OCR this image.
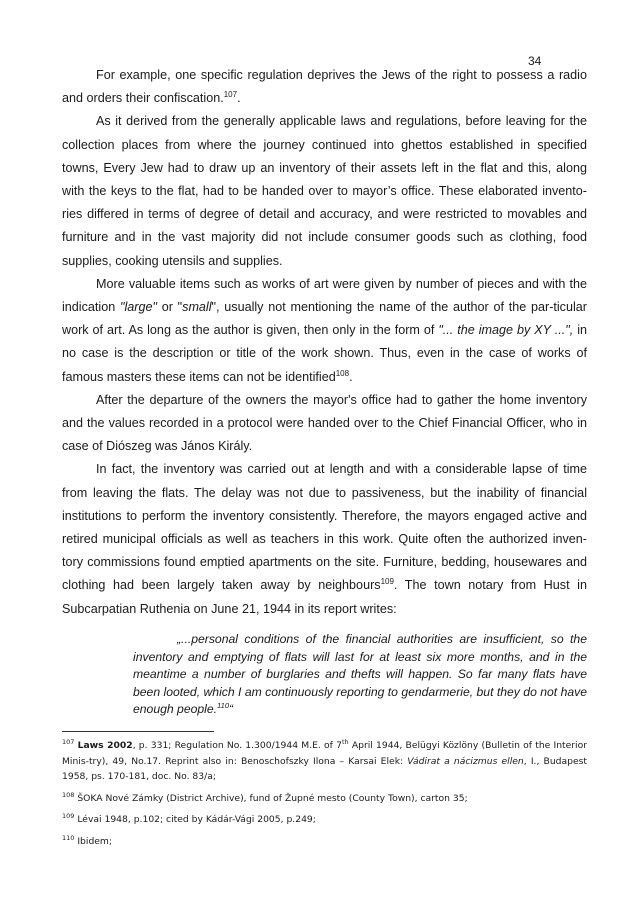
34

For example, one specific regulation deprives the Jews of the right to possess a radio and orders their confiscation.$^{107}$.

As it derived from the generally applicable laws and regulations, before leaving for the collection places from where the journey continued into ghettos established in specified towns, Every Jew had to draw up an inventory of their assets left in the flat and this, along with the keys to the flat, had to be handed over to mayor’s office. These elaborated invento-ries differed in terms of degree of detail and accuracy, and were restricted to movables and furniture and in the vast majority did not include consumer goods such as clothing, food supplies, cooking utensils and supplies.

More valuable items such as works of art were given by number of pieces and with the indication "large" or "small", usually not mentioning the name of the author of the par-ticular work of art. As long as the author is given, then only in the form of "... the image by XY ...", in no case is the description or title of the work shown. Thus, even in the case of works of famous masters these items can not be identified$^{108}$.

After the departure of the owners the mayor's office had to gather the home inventory and the values recorded in a protocol were handed over to the Chief Financial Officer, who in case of Diószeg was János Király.

In fact, the inventory was carried out at length and with a considerable lapse of time from leaving the flats. The delay was not due to passiveness, but the inability of financial institutions to perform the inventory consistently. Therefore, the mayors engaged active and retired municipal officials as well as teachers in this work. Quite often the authorized inven-tory commissions found emptied apartments on the site. Furniture, bedding, housewares and clothing had been largely taken away by neighbours$^{109}$. The town notary from Hust in Subcarpatian Ruthenia on June 21, 1944 in its report writes:

„...personal conditions of the financial authorities are insufficient, so the inventory and emptying of flats will last for at least six more months, and in the meantime a number of burglaries and thefts will happen. So far many flats have been looted, which I am continuously reporting to gendarmerie, but they do not have enough people.$^{110}$“

$^{107}$ Laws 2002, p. 331; Regulation No. 1.300/1944 M.E. of 7th April 1944, Belügyi Közlöny (Bulletin of the Interior Minis-try), 49, No.17. Reprint also in: Benoschofszky Ilona – Karsai Elek: Vádirat a nácizmus ellen, I., Budapest 1958, ps. 170-181, doc. No. 83/a;
$^{108}$ ŠOKA Nové Zámky (District Archive), fund of Župné mesto (County Town), carton 35;
$^{109}$ Lévai 1948, p.102; cited by Kádár-Vági 2005, p.249;
$^{110}$ Ibidem;
